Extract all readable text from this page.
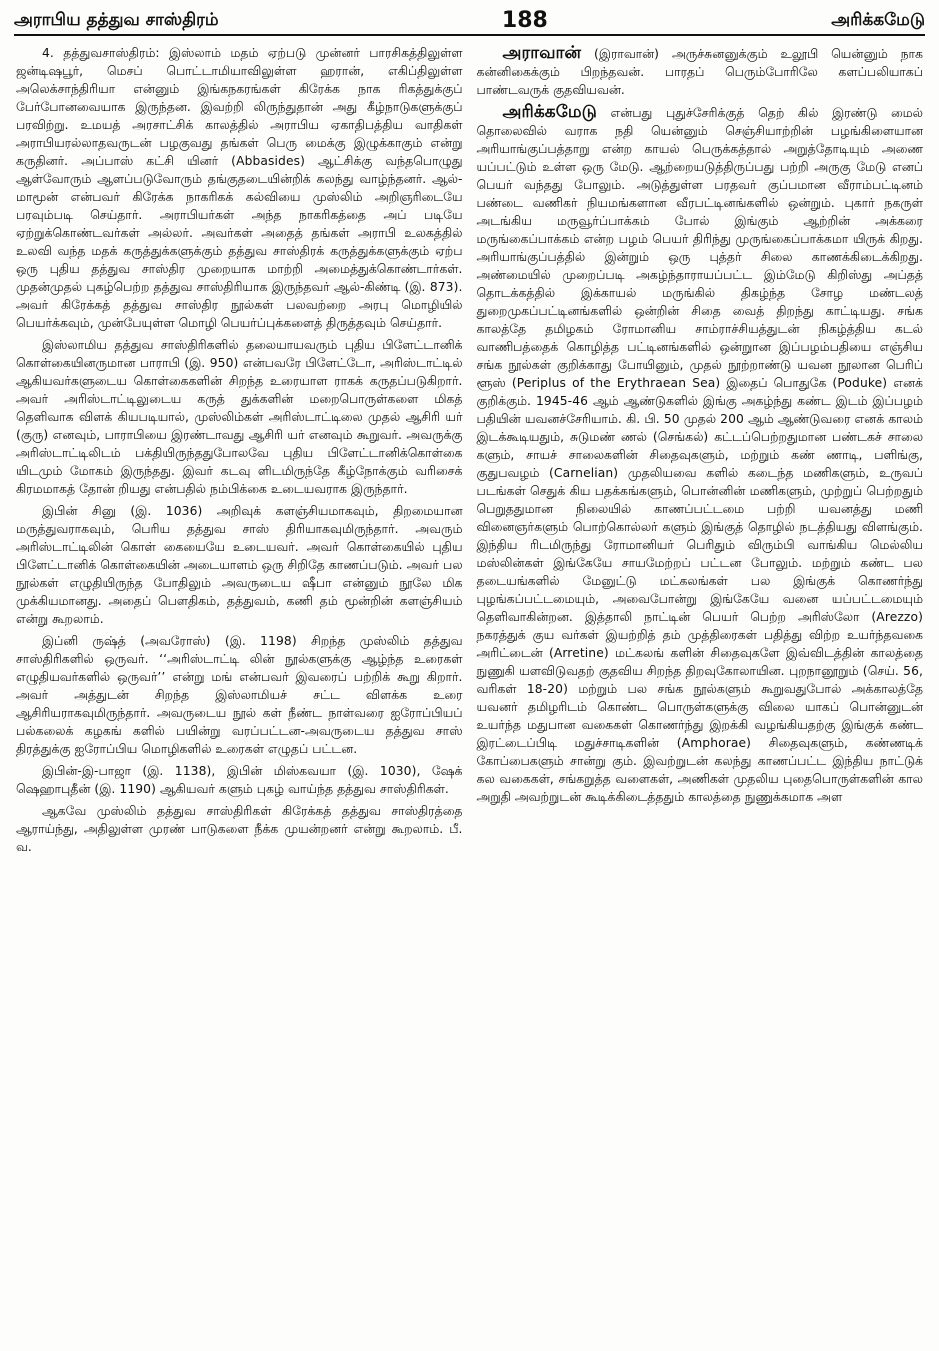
அராபிய தத்துவ சாஸ்திரம்	188	அரிக்கமேடு

4. தத்துவசாஸ்திரம்: இஸ்லாம் மதம் ஏற்படு முன்னர் பாரசிகத்திலுள்ள ஜன்டிஷபூர், மெசப் பொட்டாமியாவிலுள்ள ஹரான், எகிப்திலுள்ள அலெக்சாந்திரியா என்னும் இங்கநகரங்கள் கிரேக்க நாக ரிகத்துக்குப் பேர்போனவையாக இருந்தன. இவற்றி லிருந்துதான் அது கீழ்நாடுகளுக்குப் பரவிற்று. உமயத் அரசாட்சிக் காலத்தில் அராபிய ஏகாதிபத்திய வாதிகள் அராபியரல்லாதவருடன் பழகுவது தங்கள் பெரு மைக்கு இழுக்காகும் என்று கருதினர். அப்பாஸ் கட்சி யினர் (Abbasides) ஆட்சிக்கு வந்தபொழுது ஆள்வோரும் ஆளப்படுவோரும் தங்குதடையின்றிக் கலந்து வாழ்ந்தனர். ஆல்-மாமூன் என்பவர் கிரேக்க நாகரிகக் கல்வியை முஸ்லிம் அறிஞரிடையே பரவும்படி செய்தார். அராபியர்கள் அந்த நாகரிகத்தை அப் படியே ஏற்றுக்கொண்டவர்கள் அல்லர். அவர்கள் அதைத் தங்கள் அராபி உலகத்தில் உலவி வந்த மதக் கருத்துக்களுக்கும் தத்துவ சாஸ்திரக் கருத்துக்களுக்கும் ஏற்ப ஒரு புதிய தத்துவ சாஸ்திர முறையாக மாற்றி அமைத்துக்கொண்டார்கள். முதன்முதல் புகழ்பெற்ற தத்துவ சாஸ்திரியாக இருந்தவர் ஆல்-கிண்டி (இ. 873). அவர் கிரேக்கத் தத்துவ சாஸ்திர நூல்கள் பலவற்றை அரபு மொழியில் பெயர்க்கவும், முன்பேயுள்ள மொழி பெயர்ப்புக்களைத் திருத்தவும் செய்தார்.

இஸ்லாமிய தத்துவ சாஸ்திரிகளில் தலையாயவரும் புதிய பிளேட்டானிக் கொள்கையினருமான பாராபி (இ. 950) என்பவரே பிளேட்டோ, அரிஸ்டாட்டில் ஆகியவர்களுடைய கொள்கைகளின் சிறந்த உரையாள ராகக் கருதப்படுகிறார். அவர் அரிஸ்டாட்டிலுடைய கருத் துக்களின் மறைபொருள்களை மிகத் தெளிவாக விளக் கியபடியால், முஸ்லிம்கள் அரிஸ்டாட்டிலை முதல் ஆசிரி யர் (குரு) எனவும், பாராபியை இரண்டாவது ஆசிரி யர் எனவும் கூறுவர். அவருக்கு அரிஸ்டாட்டிலிடம் பக்தியிருந்ததுபோலவே புதிய பிளேட்டானிக்கொள்கை யிடமும் மோகம் இருந்தது. இவர் கடவு ளிடமிருந்தே கீழ்நோக்கும் வரிசைக் கிரமமாகத் தோன் றியது என்பதில் நம்பிக்கை உடையவராக இருந்தார்.

இபின் சினு (இ. 1036) அறிவுக் களஞ்சியமாகவும், திறமையான மருத்துவராகவும், பெரிய தத்துவ சாஸ் திரியாகவுமிருந்தார். அவரும் அரிஸ்டாட்டிலின் கொள் கையையே உடையவர். அவர் கொள்கையில் புதிய பிளேட்டானிக் கொள்கையின் அடையாளம் ஒரு சிறிதே காணப்படும். அவர் பல நூல்கள் எழுதியிருந்த போதிலும் அவருடைய ஷீபா என்னும் நூலே மிக முக்கியமானது. அதைப் பௌதிகம், தத்துவம், கணி தம் மூன்றின் களஞ்சியம் என்று கூறலாம்.

இப்னி ருஷ்த் (அவரோஸ்) (இ. 1198) சிறந்த முஸ்லிம் தத்துவ சாஸ்திரிகளில் ஒருவர். ‘‘அரிஸ்டாட்டி லின் நூல்களுக்கு ஆழ்ந்த உரைகள் எழுதியவர்களில் ஒருவர்’’ என்று மங் என்பவர் இவரைப் பற்றிக் கூறு கிறார். அவர் அத்துடன் சிறந்த இஸ்லாமியச் சட்ட விளக்க உரை ஆசிரியராகவுமிருந்தார். அவருடைய நூல் கள் நீண்ட நாள்வரை ஐரோப்பியப் பல்கலைக் கழகங் களில் பயின்று வரப்பட்டன-அவருடைய தத்துவ சாஸ் திரத்துக்கு ஐரோப்பிய மொழிகளில் உரைகள் எழுதப் பட்டன.

இபின்-இ-பாஜா (இ. 1138), இபின் மிஸ்கவயா (இ. 1030), ஷேக் ஷெஹாபுதீன் (இ. 1190) ஆகியவர் களும் புகழ் வாய்ந்த தத்துவ சாஸ்திரிகள்.

ஆகவே முஸ்லிம் தத்துவ சாஸ்திரிகள் கிரேக்கத் தத்துவ சாஸ்திரத்தை ஆராய்ந்து, அதிலுள்ள முரண் பாடுகளை நீக்க முயன்றனர் என்று கூறலாம். பீ. வ.

அராவான் (இராவான்) அருச்சுனனுக்கும் உலூபி யென்னும் நாக கன்னிகைக்கும் பிறந்தவன். பாரதப் பெரும்போரிலே களப்பலியாகப் பாண்டவருக் குதவியவன்.

அரிக்கமேடு என்பது புதுச்சேரிக்குத் தெற் கில் இரண்டு மைல் தொலைவில் வராக நதி யென்னும் செஞ்சியாற்றின் பழங்கிளையான அரியாங்குப்பத்தாறு என்ற காயல் பெருக்கத்தால் அறுத்தோடியும் அணை யப்பட்டும் உள்ள ஒரு மேடு. ஆற்றையடுத்திருப்பது பற்றி அருகு மேடு எனப் பெயர் வந்தது போலும். அடுத்துள்ள பரதவர் குப்பமான வீராம்பட்டினம் பண்டை வணிகர் நியமங்களான வீரபட்டினங்களில் ஒன்றும். புகார் நகருள் அடங்கிய மருவூர்ப்பாக்கம் போல் இங்கும் ஆற்றின் அக்கரை மருங்கைப்பாக்கம் என்ற பழம் பெயர் திரிந்து முருங்கைப்பாக்கமா யிருக் கிறது. அரியாங்குப்பத்தில் இன்றும் ஒரு புத்தர் சிலை காணக்கிடைக்கிறது. அண்மையில் முறைப்படி அகழ்ந்தாராயப்பட்ட இம்மேடு கிறிஸ்து அப்தத் தொடக்கத்தில் இக்காயல் மருங்கில் திகழ்ந்த சோழ மண்டலத் துறைமுகப்பட்டினங்களில் ஒன்றின் சிதை வைத் திறந்து காட்டியது. சங்க காலத்தே தமிழகம் ரோமானிய சாம்ராச்சியத்துடன் நிகழ்த்திய கடல் வாணிபத்தைக் கொழித்த பட்டினங்களில் ஒன்றுான இப்பழம்பதியை எஞ்சிய சங்க நூல்கள் குறிக்காது போயினும், முதல் நூற்றாண்டு யவன நூலான பெரிப் ளூஸ் (Periplus of the Erythraean Sea) இதைப் பொதுகே (Poduke) எனக் குறிக்கும். 1945-46 ஆம் ஆண்டுகளில் இங்கு அகழ்ந்து கண்ட இடம் இப்பழம் பதியின் யவனச்சேரியாம். கி. பி. 50 முதல் 200 ஆம் ஆண்டுவரை எனக் காலம் இடக்கூடியதும், சுடுமண் ணல் (செங்கல்) கட்டப்பெற்றதுமான பண்டகச் சாலை களும், சாயச் சாலைகளின் சிதைவுகளும், மற்றும் கண் ணாடி, பளிங்கு, குதுபவழம் (Carnelian) முதலியவை களில் கடைந்த மணிகளும், உருவப் படங்கள் செதுக் கிய பதக்கங்களும், பொன்னின் மணிகளும், முற்றுப் பெற்றதும் பெறுததுமான நிலையில் காணப்பட்டமை பற்றி யவனத்து மணி வினைஞர்களும் பொற்கொல்லர் களும் இங்குத் தொழில் நடத்தியது விளங்கும். இந்திய ரிடமிருந்து ரோமானியர் பெரிதும் விரும்பி வாங்கிய மெல்லிய மஸ்லின்கள் இங்கேயே சாயமேற்றப் பட்டன போலும். மற்றும் கண்ட பல தடையங்களில் மேனுட்டு மட்கலங்கள் பல இங்குக் கொணர்ந்து புழங்கப்பட்டமையும், அவைபோன்று இங்கேயே வனை யப்பட்டமையும் தெளிவாகின்றன. இத்தாலி நாட்டின் பெயர் பெற்ற அரிஸ்லோ (Arezzo) நகரத்துக் குய வர்கள் இயற்றித் தம் முத்திரைகள் பதித்து விற்ற உயர்ந்தவகை அரிட்டைன் (Arretine) மட்கலங் களின் சிதைவுகளே இவ்விடத்தின் காலத்தை நுணுகி யளவிடுவதற் குதவிய சிறந்த திறவுகோலாயின. புறநானூறும் (செய். 56, வரிகள் 18-20) மற்றும் பல சங்க நூல்களும் கூறுவதுபோல் அக்காலத்தே யவனர் தமிழரிடம் கொண்ட பொருள்களுக்கு விலை யாகப் பொன்னுடன் உயர்ந்த மதுபான வகைகள் கொணர்ந்து இறக்கி வழங்கியதற்கு இங்குக் கண்ட இரட்டைப்பிடி மதுச்சாடிகளின் (Amphorae) சிதைவுகளும், கண்ணடிக் கோப்பைகளும் சான்று கும். இவற்றுடன் கலந்து காணப்பட்ட இந்திய நாட்டுக் கல வகைகள், சங்கறுத்த வளைகள், அணிகள் முதலிய புதைபொருள்களின் கால அறுதி அவற்றுடன் கூடிக்கிடைத்ததும் காலத்தை நுணுக்கமாக அள
